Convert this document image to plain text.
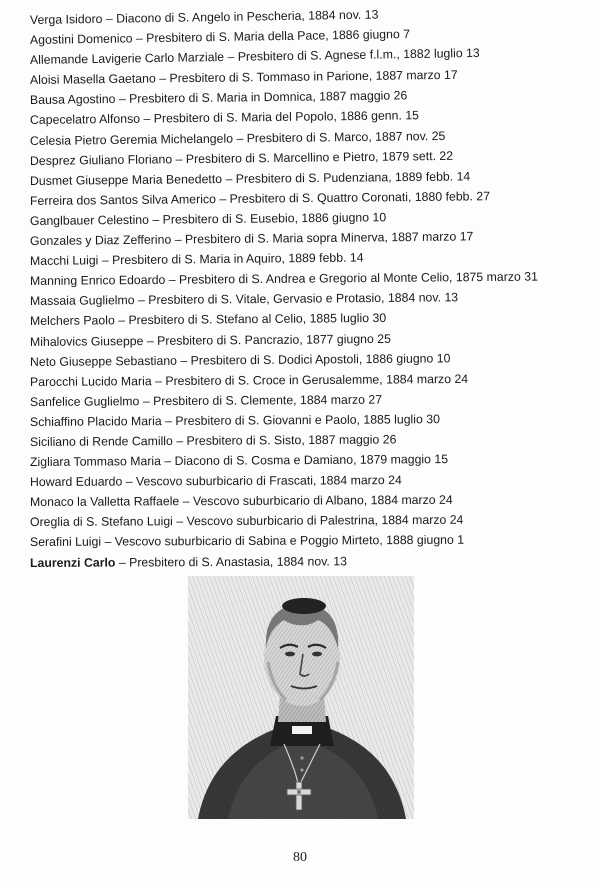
Verga Isidoro – Diacono di S. Angelo in Pescheria, 1884 nov. 13
Agostini Domenico – Presbitero di S. Maria della Pace, 1886 giugno 7
Allemande Lavigerie Carlo Marziale – Presbitero di S. Agnese f.l.m., 1882 luglio 13
Aloisi Masella Gaetano – Presbitero di S. Tommaso in Parione, 1887 marzo 17
Bausa Agostino – Presbitero di S. Maria in Domnica, 1887 maggio 26
Capecelatro Alfonso – Presbitero di S. Maria del Popolo, 1886 genn. 15
Celesia Pietro Geremia Michelangelo – Presbitero di S. Marco, 1887 nov. 25
Desprez Giuliano Floriano – Presbitero di S. Marcellino e Pietro, 1879 sett. 22
Dusmet Giuseppe Maria Benedetto – Presbitero di S. Pudenziana, 1889 febb. 14
Ferreira dos Santos Silva Americo – Presbitero di S. Quattro Coronati, 1880 febb. 27
Ganglbauer Celestino – Presbitero di S. Eusebio, 1886 giugno 10
Gonzales y Diaz Zefferino – Presbitero di S. Maria sopra Minerva, 1887 marzo 17
Macchi Luigi – Presbitero di S. Maria in Aquiro, 1889 febb. 14
Manning Enrico Edoardo – Presbitero di S. Andrea e Gregorio al Monte Celio, 1875 marzo 31
Massaia Guglielmo – Presbitero di S. Vitale, Gervasio e Protasio, 1884 nov. 13
Melchers Paolo – Presbitero di S. Stefano al Celio, 1885 luglio 30
Mihalovics Giuseppe – Presbitero di S. Pancrazio, 1877 giugno 25
Neto Giuseppe Sebastiano – Presbitero di S. Dodici Apostoli, 1886 giugno 10
Parocchi Lucido Maria – Presbitero di S. Croce in Gerusalemme, 1884 marzo 24
Sanfelice Guglielmo – Presbitero di S. Clemente, 1884 marzo 27
Schiaffino Placido Maria – Presbitero di S. Giovanni e Paolo, 1885 luglio 30
Siciliano di Rende Camillo – Presbitero di S. Sisto, 1887 maggio 26
Zigliara Tommaso Maria – Diacono di S. Cosma e Damiano, 1879 maggio 15
Howard Eduardo – Vescovo suburbicario di Frascati, 1884 marzo 24
Monaco la Valletta Raffaele – Vescovo suburbicario di Albano, 1884 marzo 24
Oreglia di S. Stefano Luigi – Vescovo suburbicario di Palestrina, 1884 marzo 24
Serafini Luigi – Vescovo suburbicario di Sabina e Poggio Mirteto, 1888 giugno 1
Laurenzi Carlo – Presbitero di S. Anastasia, 1884 nov. 13
80
